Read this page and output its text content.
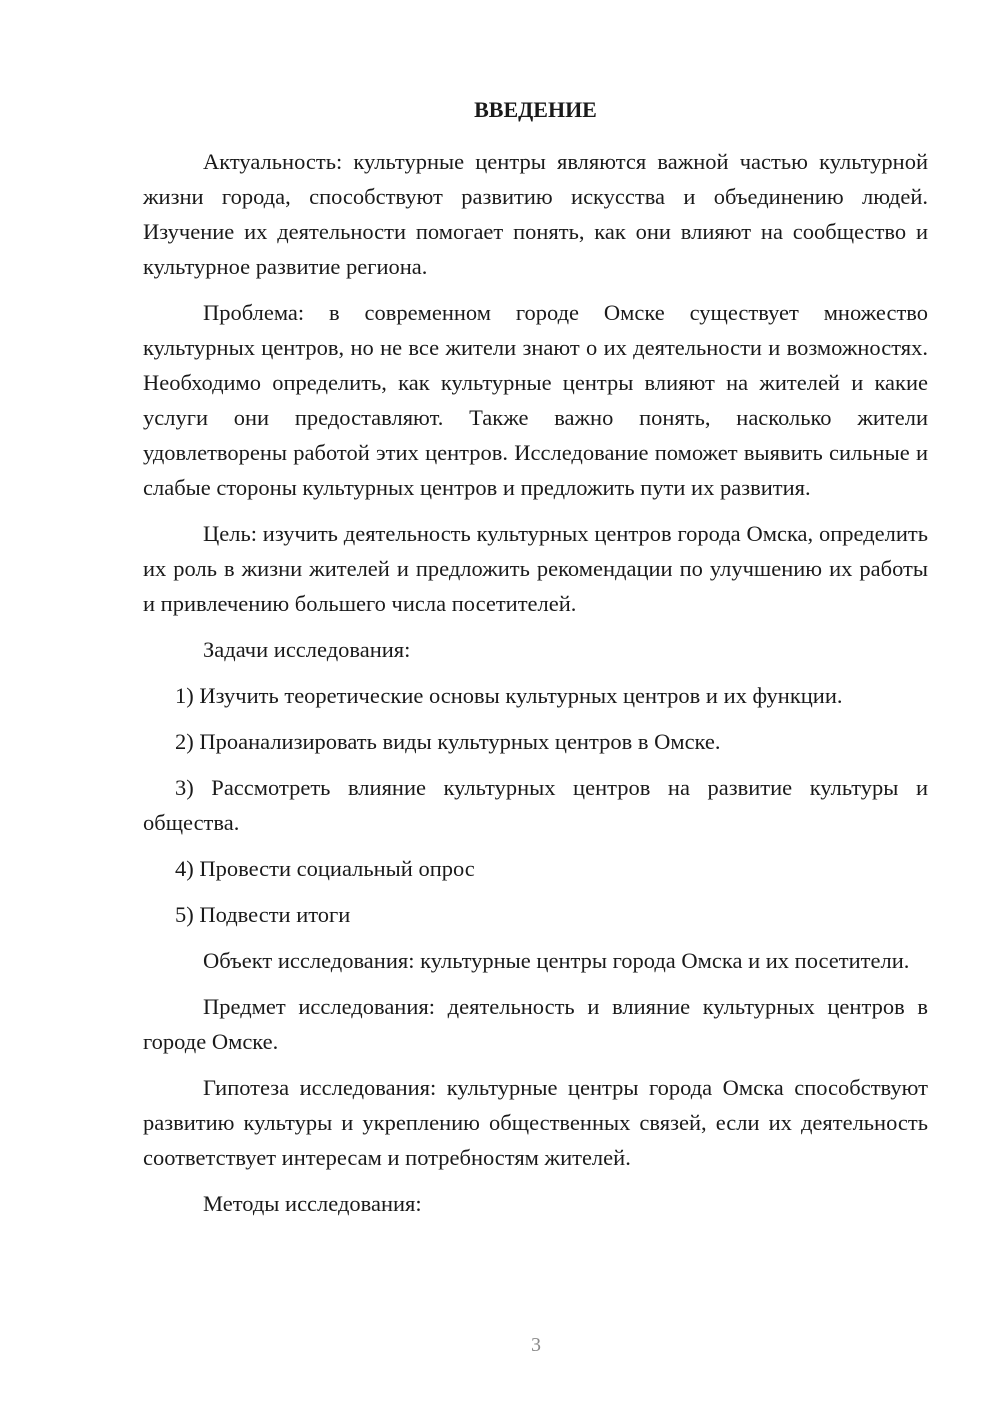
ВВЕДЕНИЕ

Актуальность: культурные центры являются важной частью культурной жизни города, способствуют развитию искусства и объединению людей. Изучение их деятельности помогает понять, как они влияют на сообщество и культурное развитие региона.

Проблема: в современном городе Омске существует множество культурных центров, но не все жители знают о их деятельности и возможностях. Необходимо определить, как культурные центры влияют на жителей и какие услуги они предоставляют. Также важно понять, насколько жители удовлетворены работой этих центров. Исследование поможет выявить сильные и слабые стороны культурных центров и предложить пути их развития.

Цель: изучить деятельность культурных центров города Омска, определить их роль в жизни жителей и предложить рекомендации по улучшению их работы и привлечению большего числа посетителей.

Задачи исследования:

1) Изучить теоретические основы культурных центров и их функции.

2) Проанализировать виды культурных центров в Омске.

3) Рассмотреть влияние культурных центров на развитие культуры и общества.

4) Провести социальный опрос

5) Подвести итоги

Объект исследования: культурные центры города Омска и их посетители.

Предмет исследования: деятельность и влияние культурных центров в городе Омске.

Гипотеза исследования: культурные центры города Омска способствуют развитию культуры и укреплению общественных связей, если их деятельность соответствует интересам и потребностям жителей.

Методы исследования:

3
